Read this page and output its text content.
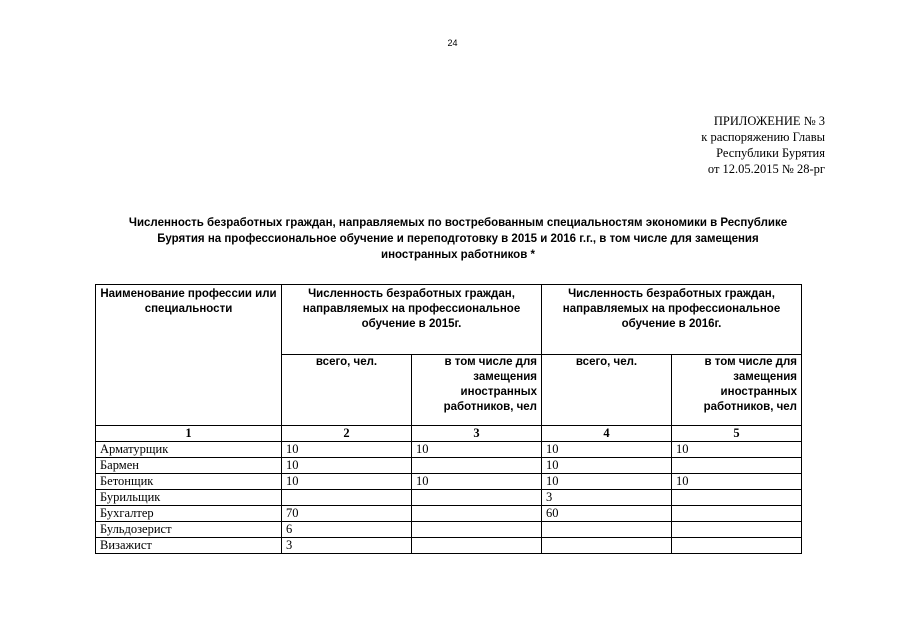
24
ПРИЛОЖЕНИЕ № 3
к распоряжению Главы
Республики Бурятия
от 12.05.2015 № 28-рг
Численность безработных граждан, направляемых по востребованным специальностям экономики в Республике
Бурятия на профессиональное обучение и переподготовку в 2015 и 2016 г.г., в том числе для замещения
иностранных работников *
Наименование профессии или специальности	Численность безработных граждан, направляемых на профессиональное обучение в 2015г.		Численность безработных граждан, направляемых на профессиональное обучение в 2016г.	
	всего, чел.	в том числе для замещения иностранных работников, чел	всего, чел.	в том числе для замещения иностранных работников, чел
1	2	3	4	5
Арматурщик	10	10	10	10
Бармен	10		10	
Бетонщик	10	10	10	10
Бурильщик			3	
Бухгалтер	70		60	
Бульдозерист	6			
Визажист	3			
